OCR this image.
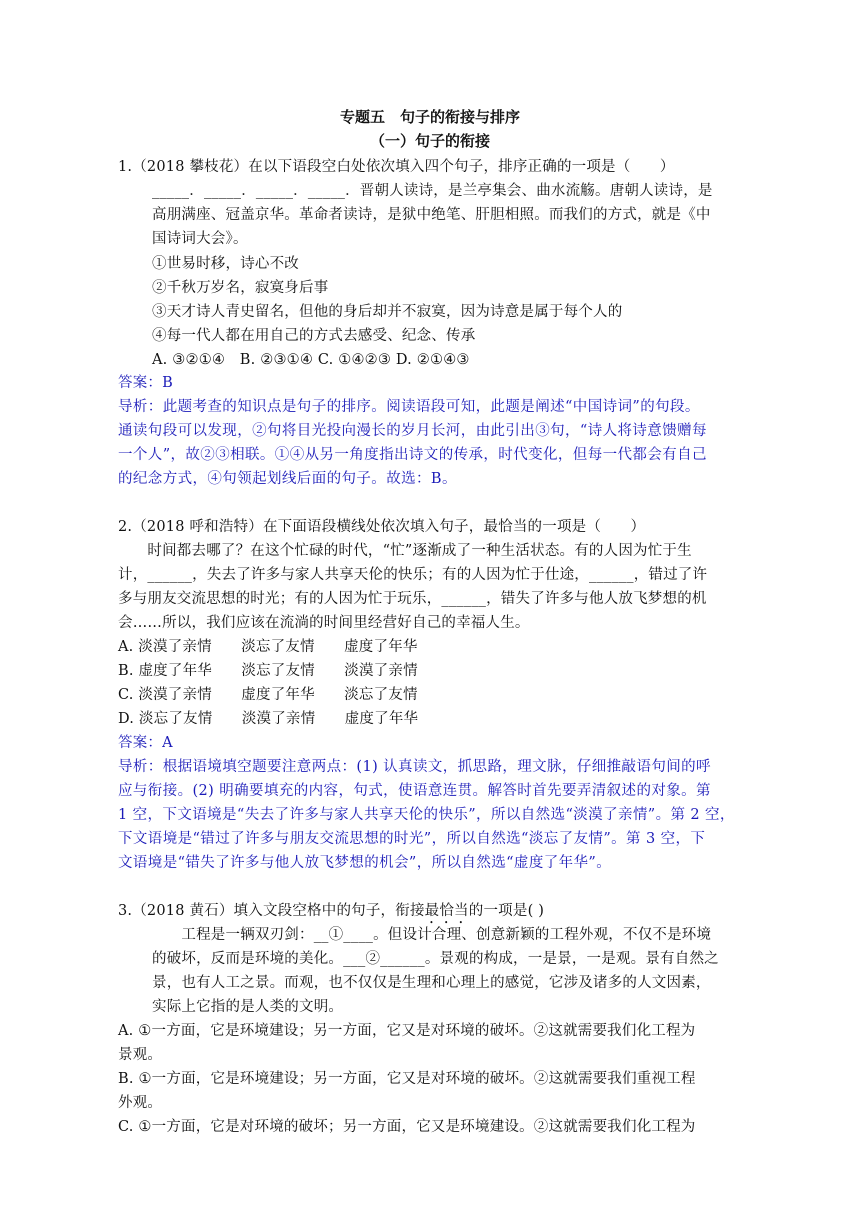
专题五　句子的衔接与排序
（一）句子的衔接
1.（2018 攀枝花）在以下语段空白处依次填入四个句子，排序正确的一项是（　　）
_____．_____．_____．_____．晋朝人读诗，是兰亭集会、曲水流觞。唐朝人读诗，是
高朋满座、冠盖京华。革命者读诗，是狱中绝笔、肝胆相照。而我们的方式，就是《中
国诗词大会》。
①世易时移，诗心不改
②千秋万岁名，寂寞身后事
③天才诗人青史留名，但他的身后却并不寂寞，因为诗意是属于每个人的
④每一代人都在用自己的方式去感受、纪念、传承
A. ③②①④　B. ②③①④ C. ①④②③ D. ②①④③
答案：B
导析：此题考查的知识点是句子的排序。阅读语段可知，此题是阐述“中国诗词”的句段。
通读句段可以发现，②句将目光投向漫长的岁月长河，由此引出③句，“诗人将诗意馈赠每
一个人”，故②③相联。①④从另一角度指出诗文的传承，时代变化，但每一代都会有自己
的纪念方式，④句领起划线后面的句子。故选：B。
2.（2018 呼和浩特）在下面语段横线处依次填入句子，最恰当的一项是（　　）
　　时间都去哪了？在这个忙碌的时代，“忙”逐渐成了一种生活状态。有的人因为忙于生
计，______，失去了许多与家人共享天伦的快乐；有的人因为忙于仕途，______，错过了许
多与朋友交流思想的时光；有的人因为忙于玩乐，______，错失了许多与他人放飞梦想的机
会……所以，我们应该在流淌的时间里经营好自己的幸福人生。
A. 淡漠了亲情　　淡忘了友情　　虚度了年华
B. 虚度了年华　　淡忘了友情　　淡漠了亲情
C. 淡漠了亲情　　虚度了年华　　淡忘了友情
D. 淡忘了友情　　淡漠了亲情　　虚度了年华
答案：A
导析：根据语境填空题要注意两点：(1) 认真读文，抓思路，理文脉，仔细推敲语句间的呼
应与衔接。(2) 明确要填充的内容，句式，使语意连贯。解答时首先要弄清叙述的对象。第
1 空，下文语境是“失去了许多与家人共享天伦的快乐”，所以自然选“淡漠了亲情”。第 2 空，
下文语境是“错过了许多与朋友交流思想的时光”，所以自然选“淡忘了友情”。第 3 空，下
文语境是“错失了许多与他人放飞梦想的机会”，所以自然选“虚度了年华”。
3.（2018 黄石）填入文段空格中的句子，衔接最恰当的一项是( )
　　工程是一辆双刃剑：__①____。但设计合理、创意新颖的工程外观，不仅不是环境
的破坏，反而是环境的美化。___②______。景观的构成，一是景，一是观。景有自然之
景，也有人工之景。而观，也不仅仅是生理和心理上的感觉，它涉及诸多的人文因素，
实际上它指的是人类的文明。
A. ①一方面，它是环境建设；另一方面，它又是对环境的破坏。②这就需要我们化工程为
景观。
B. ①一方面，它是环境建设；另一方面，它又是对环境的破坏。②这就需要我们重视工程
外观。
C. ①一方面，它是对环境的破坏；另一方面，它又是环境建设。②这就需要我们化工程为
